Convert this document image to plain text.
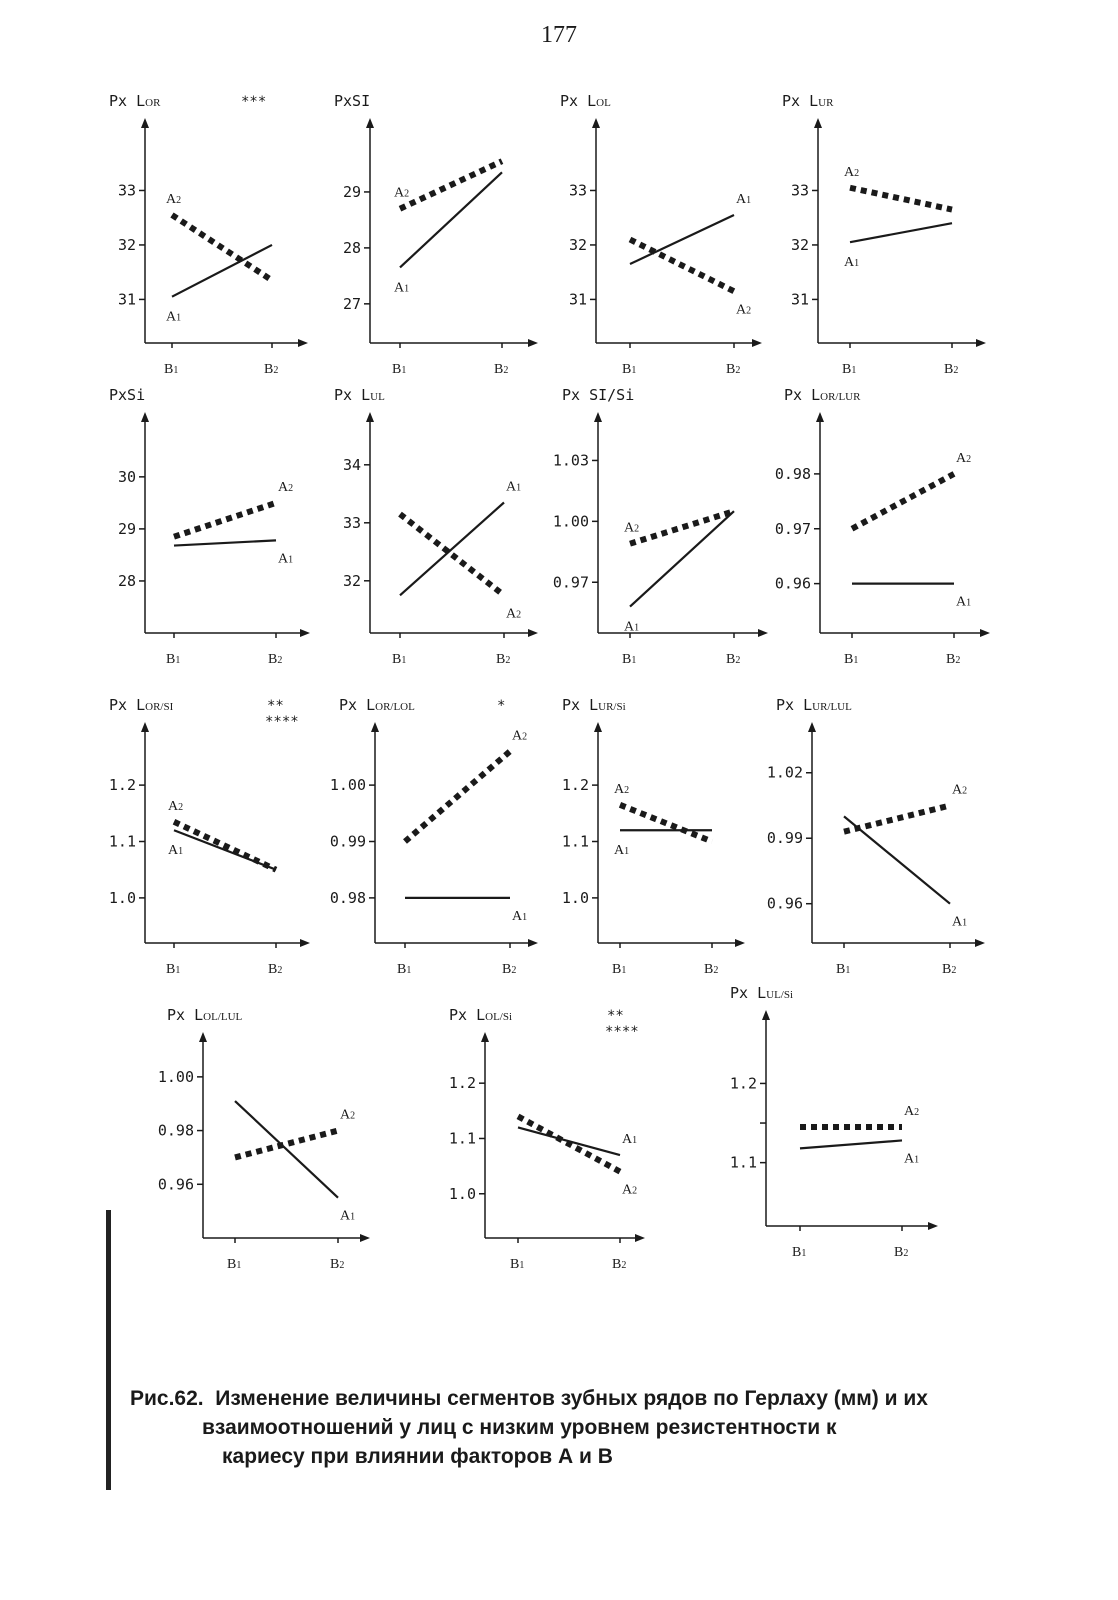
177
Px LOR	***
31
32
33
B1	B2
A1
A2
PxSI
27
28
29
B1	B2
A1
A2
Px LOL
31
32
33
B1	B2
A1
A2
Px LUR
31
32
33
B1	B2
A1
A2
PxSi
28
29
30
B1	B2
A1
A2
Px LUL
32
33
34
B1	B2
A1
A2
Px SI/Si
0.97
1.00
1.03
B1	B2
A1
A2
Px LOR/LUR
0.96
0.97
0.98
B1	B2
A1
A2
Px LOR/SI	**
****
1.0
1.1
1.2
B1	B2
A1
A2
Px LOR/LOL	*
0.98
0.99
1.00
B1	B2
A1
A2
Px LUR/Si
1.0
1.1
1.2
B1	B2
A1
A2
Px LUR/LUL
0.96
0.99
1.02
B1	B2
A1
A2
Px LOL/LUL
0.96
0.98
1.00
B1	B2
A1
A2
Px LOL/Si	**
****
1.0
1.1
1.2
B1	B2
A1
A2
Px LUL/Si
1.1
1.2
B1	B2
A1
A2
Рис.62. Изменение величины сегментов зубных рядов по Герлаху (мм) и их
взаимоотношений у лиц с низким уровнем резистентности к
кариесу при влиянии факторов А и В
